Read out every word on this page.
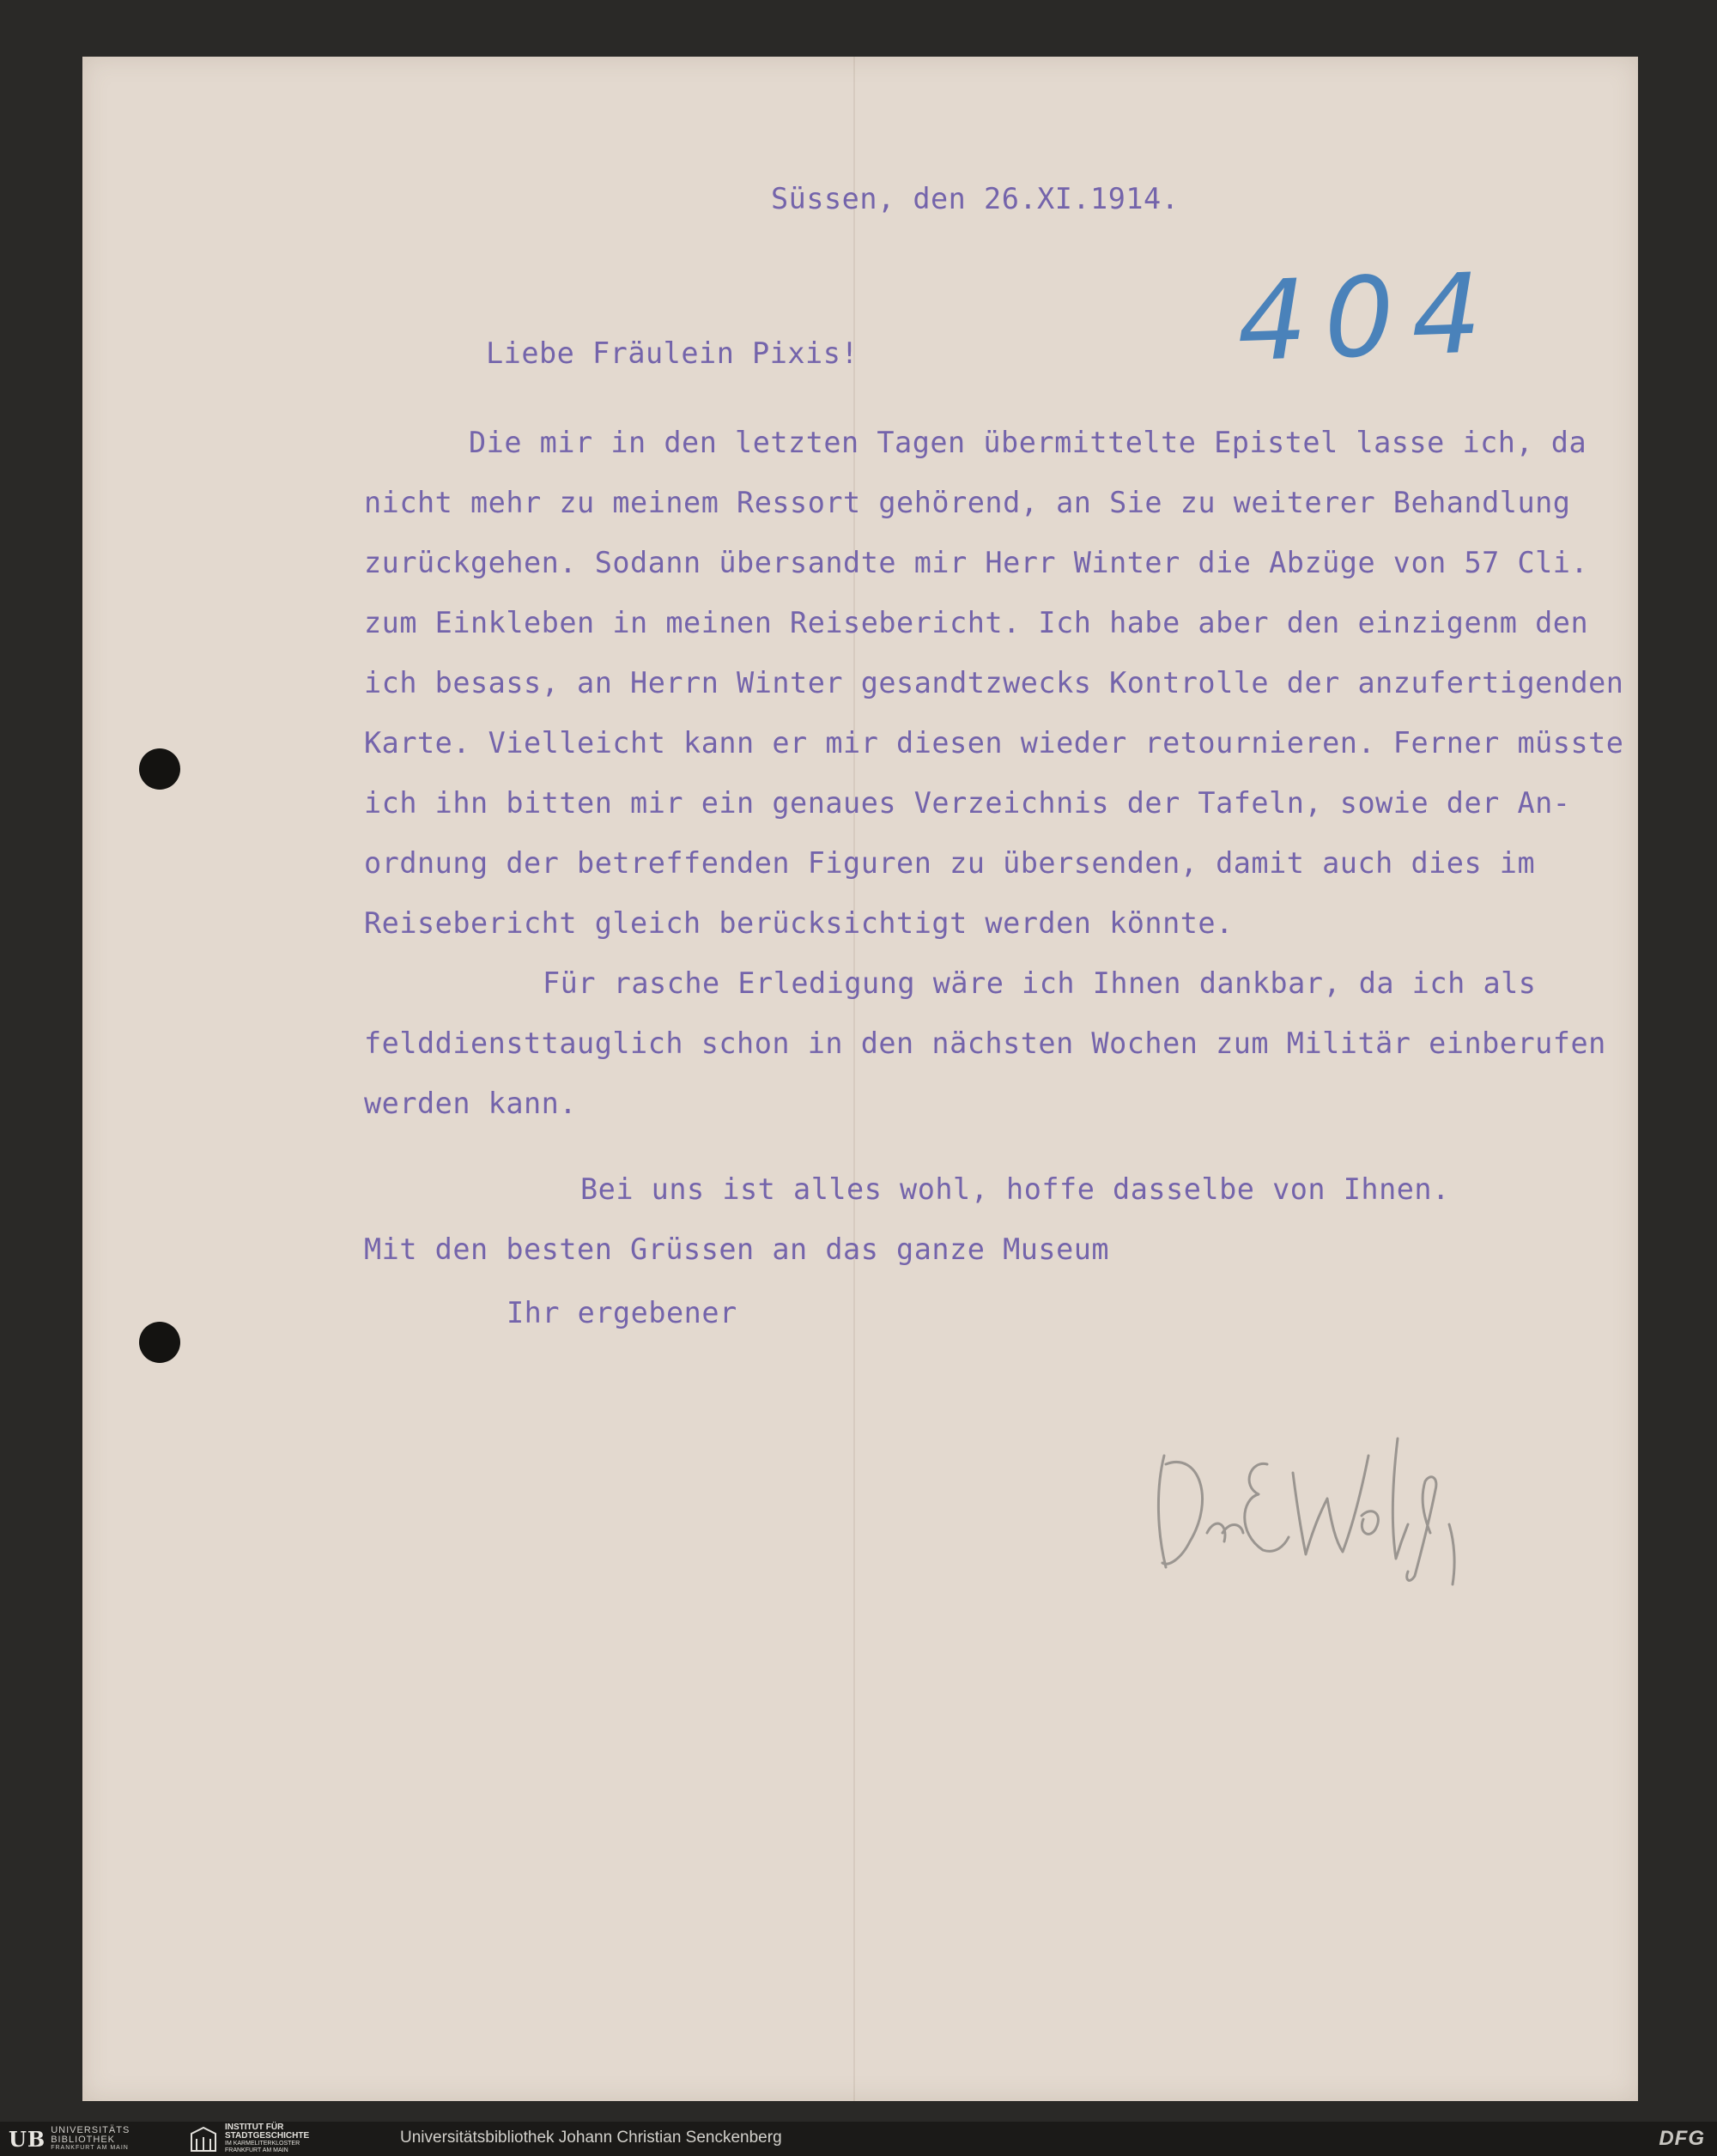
Süssen, den 26.XI.1914.
404
Liebe Fräulein Pixis!
Die mir in den letzten Tagen übermittelte Epistel lasse ich, da
nicht mehr zu meinem Ressort gehörend, an Sie zu weiterer Behandlung
zurückgehen. Sodann übersandte mir Herr Winter die Abzüge von 57 Cli.
zum Einkleben in meinen Reisebericht. Ich habe aber den einzigenm den
ich besass, an Herrn Winter gesandtzwecks Kontrolle der anzufertigenden
Karte. Vielleicht kann er mir diesen wieder retournieren. Ferner müsste
ich ihn bitten mir ein genaues Verzeichnis der Tafeln, sowie der An-
ordnung der betreffenden Figuren zu übersenden, damit auch dies im
Reisebericht gleich berücksichtigt werden könnte.
Für rasche Erledigung wäre ich Ihnen dankbar, da ich als
felddiensttauglich schon in den nächsten Wochen zum Militär einberufen
werden kann.
Bei uns ist alles wohl, hoffe dasselbe von Ihnen.
Mit den besten Grüssen an das ganze Museum
Ihr ergebener
UB UNIVERSITÄTS
BIBLIOTHEK
FRANKFURT AM MAIN
INSTITUT FÜR
STADTGESCHICHTE
IM KARMELITERKLOSTER
FRANKFURT AM MAIN
Universitätsbibliothek Johann Christian Senckenberg	DFG
